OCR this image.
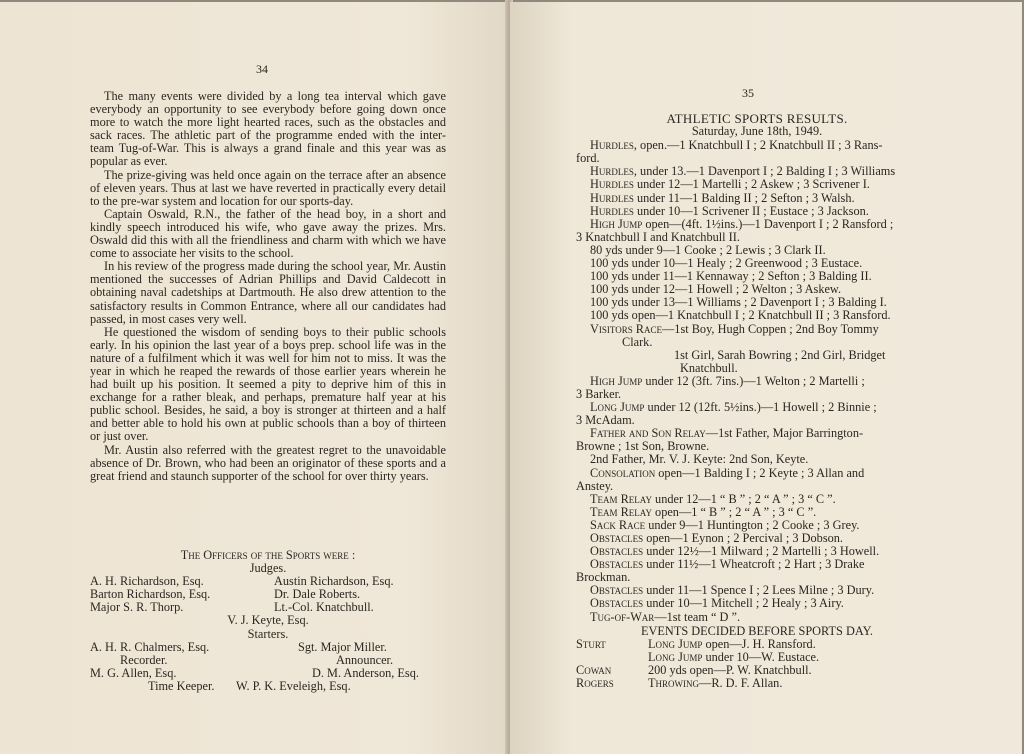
34

The many events were divided by a long tea interval which gave everybody an opportunity to see everybody before going down once more to watch the more light hearted races, such as the obstacles and sack races. The athletic part of the programme ended with the inter-team Tug-of-War. This is always a grand finale and this year was as popular as ever.

The prize-giving was held once again on the terrace after an absence of eleven years. Thus at last we have reverted in practically every detail to the pre-war system and location for our sports-day.

Captain Oswald, R.N., the father of the head boy, in a short and kindly speech introduced his wife, who gave away the prizes. Mrs. Oswald did this with all the friendliness and charm with which we have come to associate her visits to the school.

In his review of the progress made during the school year, Mr. Austin mentioned the successes of Adrian Phillips and David Caldecott in obtaining naval cadetships at Dartmouth. He also drew attention to the satisfactory results in Common Entrance, where all our candidates had passed, in most cases very well.

He questioned the wisdom of sending boys to their public schools early. In his opinion the last year of a boys prep. school life was in the nature of a fulfilment which it was well for him not to miss. It was the year in which he reaped the rewards of those earlier years wherein he had built up his position. It seemed a pity to deprive him of this in exchange for a rather bleak, and perhaps, premature half year at his public school. Besides, he said, a boy is stronger at thirteen and a half and better able to hold his own at public schools than a boy of thirteen or just over.

Mr. Austin also referred with the greatest regret to the unavoidable absence of Dr. Brown, who had been an originator of these sports and a great friend and staunch supporter of the school for over thirty years.

The Officers of the Sports were :
Judges.
A. H. Richardson, Esq.	Austin Richardson, Esq.
Barton Richardson, Esq.	Dr. Dale Roberts.
Major S. R. Thorp.	Lt.-Col. Knatchbull.
V. J. Keyte, Esq.
Starters.
A. H. R. Chalmers, Esq.	Sgt. Major Miller.
Recorder.	Announcer.
M. G. Allen, Esq.	D. M. Anderson, Esq.
Time Keeper. W. P. K. Eveleigh, Esq.
35
ATHLETIC SPORTS RESULTS.
Saturday, June 18th, 1949.
Hurdles, open.—1 Knatchbull I ; 2 Knatchbull II ; 3 Rans-
ford.
Hurdles, under 13.—1 Davenport I ; 2 Balding I ; 3 Williams
Hurdles under 12—1 Martelli ; 2 Askew ; 3 Scrivener I.
Hurdles under 11—1 Balding II ; 2 Sefton ; 3 Walsh.
Hurdles under 10—1 Scrivener II ; Eustace ; 3 Jackson.
High Jump open—(4ft. 1½ins.)—1 Davenport I ; 2 Ransford ;
3 Knatchbull I and Knatchbull II.
80 yds under 9—1 Cooke ; 2 Lewis ; 3 Clark II.
100 yds under 10—1 Healy ; 2 Greenwood ; 3 Eustace.
100 yds under 11—1 Kennaway ; 2 Sefton ; 3 Balding II.
100 yds under 12—1 Howell ; 2 Welton ; 3 Askew.
100 yds under 13—1 Williams ; 2 Davenport I ; 3 Balding I.
100 yds open—1 Knatchbull I ; 2 Knatchbull II ; 3 Ransford.
Visitors Race—1st Boy, Hugh Coppen ; 2nd Boy Tommy
Clark.
1st Girl, Sarah Bowring ; 2nd Girl, Bridget
Knatchbull.
High Jump under 12 (3ft. 7ins.)—1 Welton ; 2 Martelli ;
3 Barker.
Long Jump under 12 (12ft. 5½ins.)—1 Howell ; 2 Binnie ;
3 McAdam.
Father and Son Relay—1st Father, Major Barrington-
Browne ; 1st Son, Browne.
2nd Father, Mr. V. J. Keyte: 2nd Son, Keyte.
Consolation open—1 Balding I ; 2 Keyte ; 3 Allan and
Anstey.
Team Relay under 12—1 “ B ” ; 2 “ A ” ; 3 “ C ”.
Team Relay open—1 “ B ” ; 2 “ A ” ; 3 “ C ”.
Sack Race under 9—1 Huntington ; 2 Cooke ; 3 Grey.
Obstacles open—1 Eynon ; 2 Percival ; 3 Dobson.
Obstacles under 12½—1 Milward ; 2 Martelli ; 3 Howell.
Obstacles under 11½—1 Wheatcroft ; 2 Hart ; 3 Drake
Brockman.
Obstacles under 11—1 Spence I ; 2 Lees Milne ; 3 Dury.
Obstacles under 10—1 Mitchell ; 2 Healy ; 3 Airy.
Tug-of-War—1st team “ D ”.
EVENTS DECIDED BEFORE SPORTS DAY.
Sturt	Long Jump open—J. H. Ransford.
Long Jump under 10—W. Eustace.
Cowan	200 yds open—P. W. Knatchbull.
Rogers	Throwing—R. D. F. Allan.
